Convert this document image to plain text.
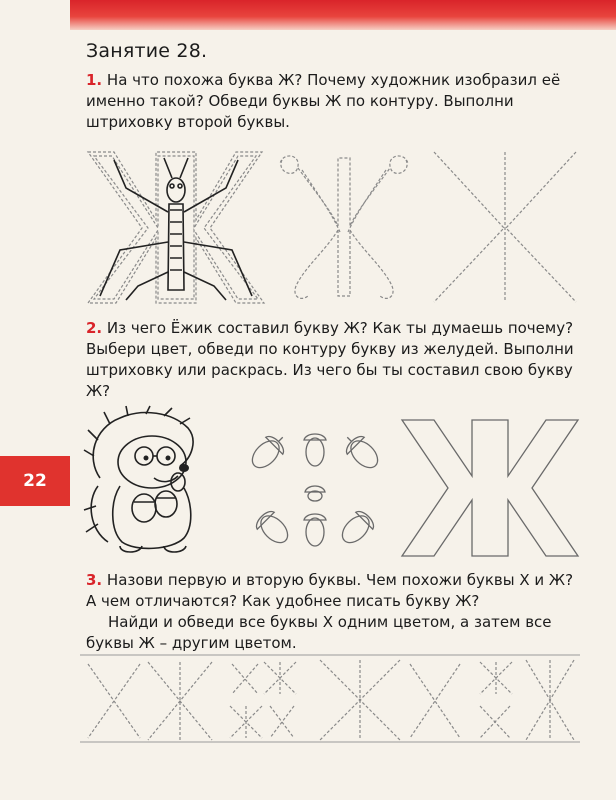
22
Занятие 28.

1. На что похожа буква Ж? Почему художник изобразил её именно такой? Обведи буквы Ж по контуру. Выполни штриховку второй буквы.

2. Из чего Ёжик составил букву Ж? Как ты думаешь почему? Выбери цвет, обведи по контуру букву из желудей. Выполни штриховку или раскрась. Из чего бы ты составил свою букву Ж?

3. Назови первую и вторую буквы. Чем похожи буквы Х и Ж? А чем отличаются? Как удобнее писать букву Ж?

Найди и обведи все буквы Х одним цветом, а затем все буквы Ж – другим цветом.
